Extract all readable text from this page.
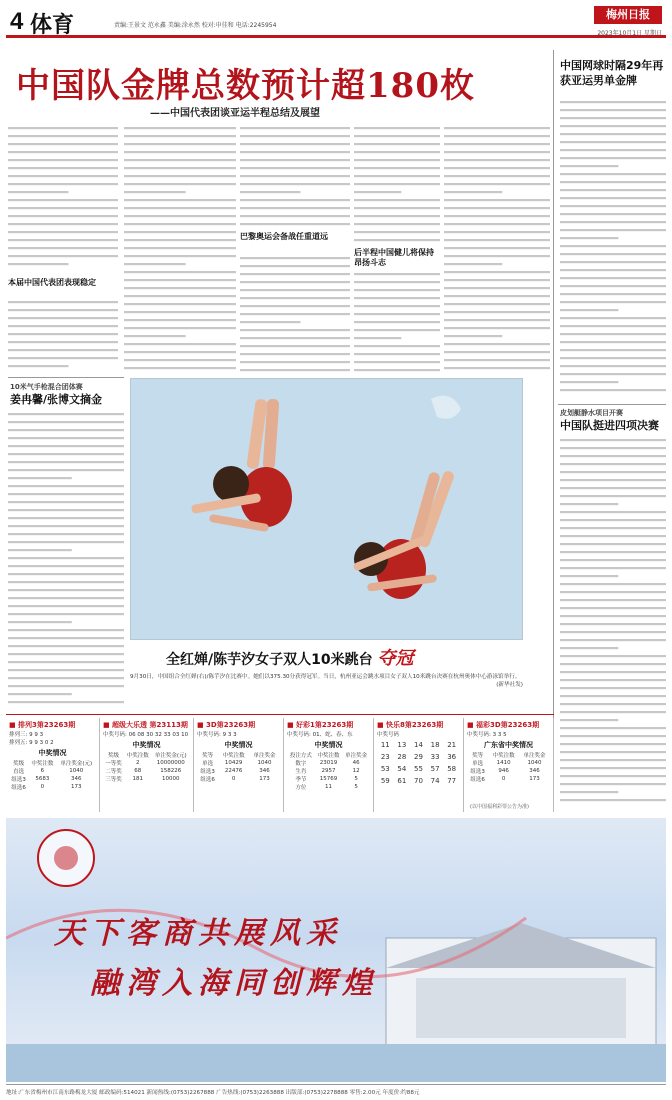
4 体育	责编:王景文 范永鑫 美编:涂永然 校对:申佳和 电话:2245954
梅州日报
2023年10月1日 星期日
中国队金牌总数预计超180枚
——中国代表团谈亚运半程总结及展望
本届中国代表团表现稳定
巴黎奥运会备战任重道远
后半程中国健儿将保持昂扬斗志
10米气手枪混合团体赛
姜冉馨/张博文摘金
中国网球时隔29年再获亚运男单金牌
皮划艇静水项目开赛
中国队挺进四项决赛
全红婵/陈芋汐女子双人10米跳台 夺冠
9月30日，中国组合全红婵(右)/陈芋汐在比赛中。她们以375.30分获得冠军。当日，杭州亚运会跳水项目女子双人10米跳台决赛在杭州奥体中心游泳馆举行。
(新华社发)
■ 排列3第23263期
排列三: 9 9 3
排列五: 9 9 3 0 2
中奖情况
奖级	中奖注数	单注奖金(元)
直选	6	1040
组选3	5683	346
组选6	0	173
■ 超级大乐透 第23113期
中奖号码: 06 08 30 32 33 03 10
中奖情况
奖级	中奖注数	单注奖金(元)
一等奖	2	10000000
二等奖	68	158226
三等奖	181	10000
■ 3D第23263期
中奖号码: 9 3 3
中奖情况
奖等	中奖注数	单注奖金
单选	10429	1040
组选3	22476	346
组选6	0	173
■ 好彩1第23263期
中奖号码: 01、蛇、春、东
中奖情况
投注方式	中奖注数	单注奖金
数字	23019	46
生肖	2957	12
季节	15769	5
方位	11	5
■ 快乐8第23263期
中奖号码
11	13	14	18	21
23	28	29	33	36
53	54	55	57	58
59	61	70	74	77
■ 福彩3D第23263期
中奖号码: 3 3 5
广东省中奖情况
奖等	中奖注数	单注奖金
单选	1410	1040
组选3	946	346
组选6	0	173
(以中国福利彩票公告为准)
天下客商共展风采
融湾入海同创辉煌
地址:广东省梅州市江南东路梅龙大厦 邮政编码:514021 新闻热线:(0753)2267888 广告热线:(0753)2263888 出版部:(0753)2278888 零售:2.00元 年度价:约88元
